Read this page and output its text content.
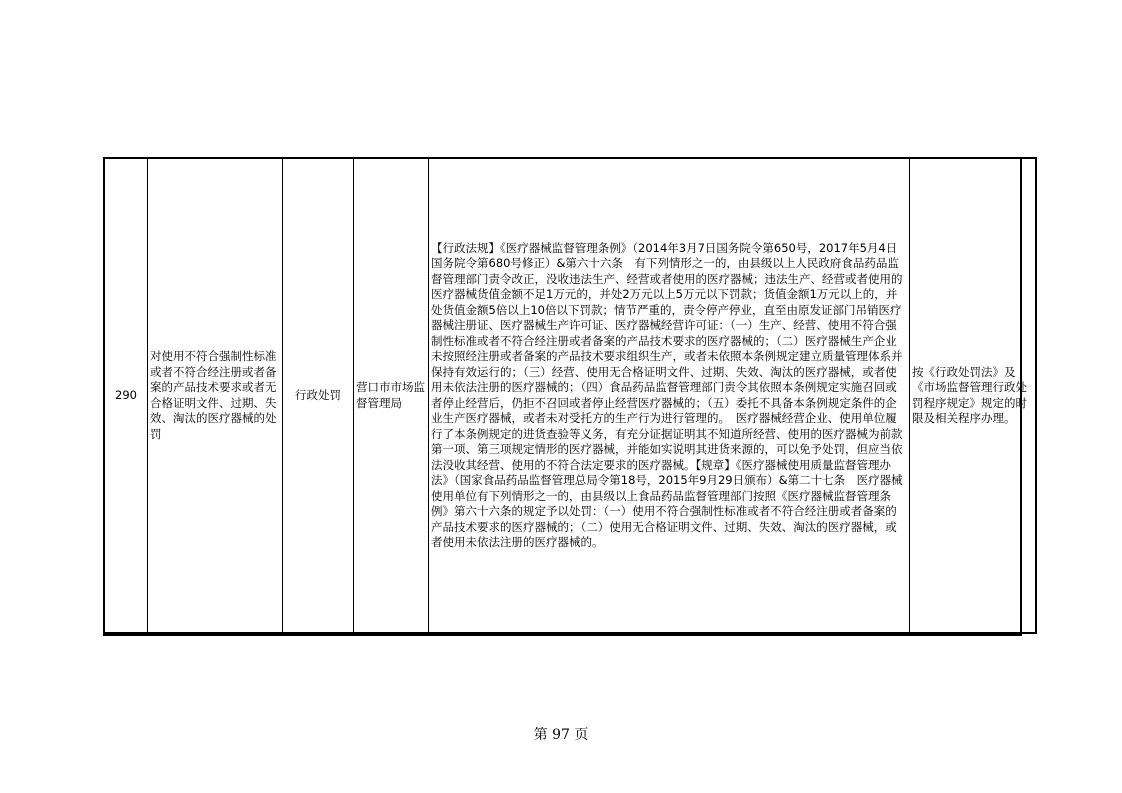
290	对使用不符合强制性标准或者不符合经注册或者备案的产品技术要求或者无合格证明文件、过期、失效、淘汰的医疗器械的处罚	行政处罚	营口市市场监督管理局	【行政法规】《医疗器械监督管理条例》（2014年3月7日国务院令第650号，2017年5月4日国务院令第680号修正）&第六十六条　有下列情形之一的，由县级以上人民政府食品药品监督管理部门责令改正，没收违法生产、经营或者使用的医疗器械；违法生产、经营或者使用的医疗器械货值金额不足1万元的，并处2万元以上5万元以下罚款；货值金额1万元以上的，并处货值金额5倍以上10倍以下罚款；情节严重的，责令停产停业，直至由原发证部门吊销医疗器械注册证、医疗器械生产许可证、医疗器械经营许可证：（一）生产、经营、使用不符合强制性标准或者不符合经注册或者备案的产品技术要求的医疗器械的；（二）医疗器械生产企业未按照经注册或者备案的产品技术要求组织生产，或者未依照本条例规定建立质量管理体系并保持有效运行的；（三）经营、使用无合格证明文件、过期、失效、淘汰的医疗器械，或者使用未依法注册的医疗器械的；（四）食品药品监督管理部门责令其依照本条例规定实施召回或者停止经营后，仍拒不召回或者停止经营医疗器械的；（五）委托不具备本条例规定条件的企业生产医疗器械，或者未对受托方的生产行为进行管理的。　医疗器械经营企业、使用单位履行了本条例规定的进货查验等义务，有充分证据证明其不知道所经营、使用的医疗器械为前款第一项、第三项规定情形的医疗器械，并能如实说明其进货来源的，可以免予处罚，但应当依法没收其经营、使用的不符合法定要求的医疗器械。【规章】《医疗器械使用质量监督管理办法》（国家食品药品监督管理总局令第18号，2015年9月29日颁布）&第二十七条　医疗器械使用单位有下列情形之一的，由县级以上食品药品监督管理部门按照《医疗器械监督管理条例》第六十六条的规定予以处罚：（一）使用不符合强制性标准或者不符合经注册或者备案的产品技术要求的医疗器械的；（二）使用无合格证明文件、过期、失效、淘汰的医疗器械，或者使用未依法注册的医疗器械的。	按《行政处罚法》及《市场监督管理行政处罚程序规定》规定的时限及相关程序办理。
第 97 页
